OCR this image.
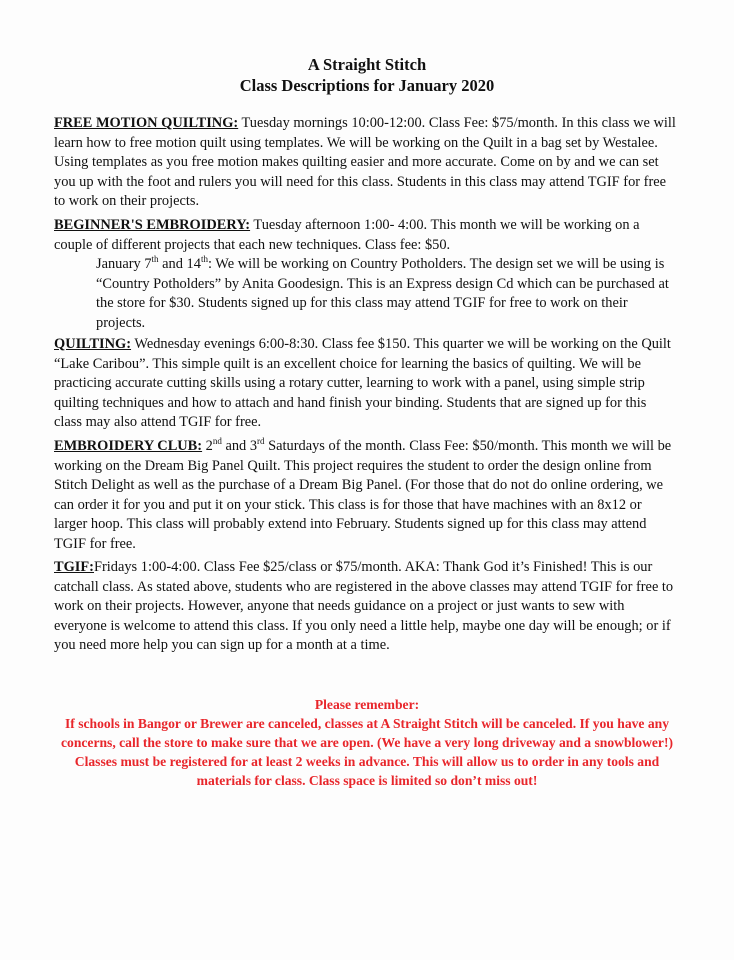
A Straight Stitch
Class Descriptions for January 2020

FREE MOTION QUILTING: Tuesday mornings 10:00-12:00. Class Fee: $75/month. In this class we will learn how to free motion quilt using templates. We will be working on the Quilt in a bag set by Westalee. Using templates as you free motion makes quilting easier and more accurate. Come on by and we can set you up with the foot and rulers you will need for this class. Students in this class may attend TGIF for free to work on their projects.

BEGINNER'S EMBROIDERY: Tuesday afternoon 1:00- 4:00. This month we will be working on a couple of different projects that each new techniques. Class fee: $50.

January 7th and 14th: We will be working on Country Potholders. The design set we will be using is “Country Potholders” by Anita Goodesign. This is an Express design Cd which can be purchased at the store for $30. Students signed up for this class may attend TGIF for free to work on their projects.

QUILTING: Wednesday evenings 6:00-8:30. Class fee $150. This quarter we will be working on the Quilt “Lake Caribou”. This simple quilt is an excellent choice for learning the basics of quilting. We will be practicing accurate cutting skills using a rotary cutter, learning to work with a panel, using simple strip quilting techniques and how to attach and hand finish your binding. Students that are signed up for this class may also attend TGIF for free.

EMBROIDERY CLUB: 2nd and 3rd Saturdays of the month. Class Fee: $50/month. This month we will be working on the Dream Big Panel Quilt. This project requires the student to order the design online from Stitch Delight as well as the purchase of a Dream Big Panel. (For those that do not do online ordering, we can order it for you and put it on your stick. This class is for those that have machines with an 8x12 or larger hoop. This class will probably extend into February. Students signed up for this class may attend TGIF for free.

TGIF:Fridays 1:00-4:00. Class Fee $25/class or $75/month. AKA: Thank God it’s Finished! This is our catchall class. As stated above, students who are registered in the above classes may attend TGIF for free to work on their projects. However, anyone that needs guidance on a project or just wants to sew with everyone is welcome to attend this class. If you only need a little help, maybe one day will be enough; or if you need more help you can sign up for a month at a time.

Please remember:
If schools in Bangor or Brewer are canceled, classes at A Straight Stitch will be canceled. If you have any concerns, call the store to make sure that we are open. (We have a very long driveway and a snowblower!) Classes must be registered for at least 2 weeks in advance. This will allow us to order in any tools and materials for class. Class space is limited so don’t miss out!
